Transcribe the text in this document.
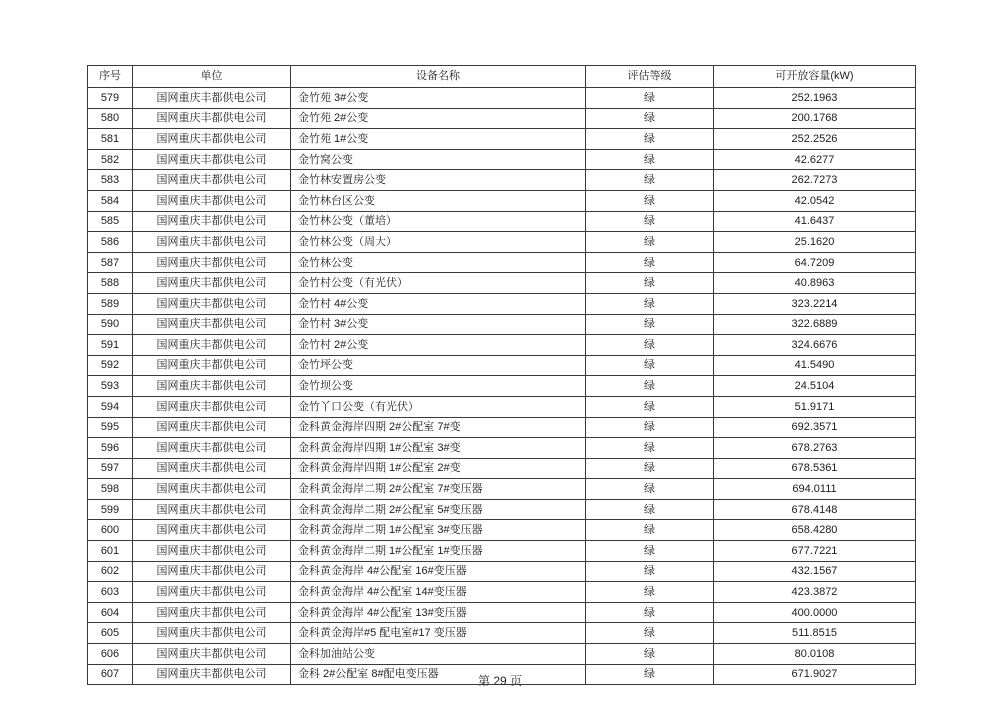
序号	单位	设备名称	评估等级	可开放容量(kW)
579	国网重庆丰都供电公司	金竹苑 3#公变	绿	252.1963
580	国网重庆丰都供电公司	金竹苑 2#公变	绿	200.1768
581	国网重庆丰都供电公司	金竹苑 1#公变	绿	252.2526
582	国网重庆丰都供电公司	金竹窝公变	绿	42.6277
583	国网重庆丰都供电公司	金竹林安置房公变	绿	262.7273
584	国网重庆丰都供电公司	金竹林台区公变	绿	42.0542
585	国网重庆丰都供电公司	金竹林公变（董培）	绿	41.6437
586	国网重庆丰都供电公司	金竹林公变（周大）	绿	25.1620
587	国网重庆丰都供电公司	金竹林公变	绿	64.7209
588	国网重庆丰都供电公司	金竹村公变（有光伏）	绿	40.8963
589	国网重庆丰都供电公司	金竹村 4#公变	绿	323.2214
590	国网重庆丰都供电公司	金竹村 3#公变	绿	322.6889
591	国网重庆丰都供电公司	金竹村 2#公变	绿	324.6676
592	国网重庆丰都供电公司	金竹坪公变	绿	41.5490
593	国网重庆丰都供电公司	金竹坝公变	绿	24.5104
594	国网重庆丰都供电公司	金竹丫口公变（有光伏）	绿	51.9171
595	国网重庆丰都供电公司	金科黄金海岸四期 2#公配室 7#变	绿	692.3571
596	国网重庆丰都供电公司	金科黄金海岸四期 1#公配室 3#变	绿	678.2763
597	国网重庆丰都供电公司	金科黄金海岸四期 1#公配室 2#变	绿	678.5361
598	国网重庆丰都供电公司	金科黄金海岸二期 2#公配室 7#变压器	绿	694.0111
599	国网重庆丰都供电公司	金科黄金海岸二期 2#公配室 5#变压器	绿	678.4148
600	国网重庆丰都供电公司	金科黄金海岸二期 1#公配室 3#变压器	绿	658.4280
601	国网重庆丰都供电公司	金科黄金海岸二期 1#公配室 1#变压器	绿	677.7221
602	国网重庆丰都供电公司	金科黄金海岸 4#公配室 16#变压器	绿	432.1567
603	国网重庆丰都供电公司	金科黄金海岸 4#公配室 14#变压器	绿	423.3872
604	国网重庆丰都供电公司	金科黄金海岸 4#公配室 13#变压器	绿	400.0000
605	国网重庆丰都供电公司	金科黄金海岸#5 配电室#17 变压器	绿	511.8515
606	国网重庆丰都供电公司	金科加油站公变	绿	80.0108
607	国网重庆丰都供电公司	金科 2#公配室 8#配电变压器	绿	671.9027
第 29 页
